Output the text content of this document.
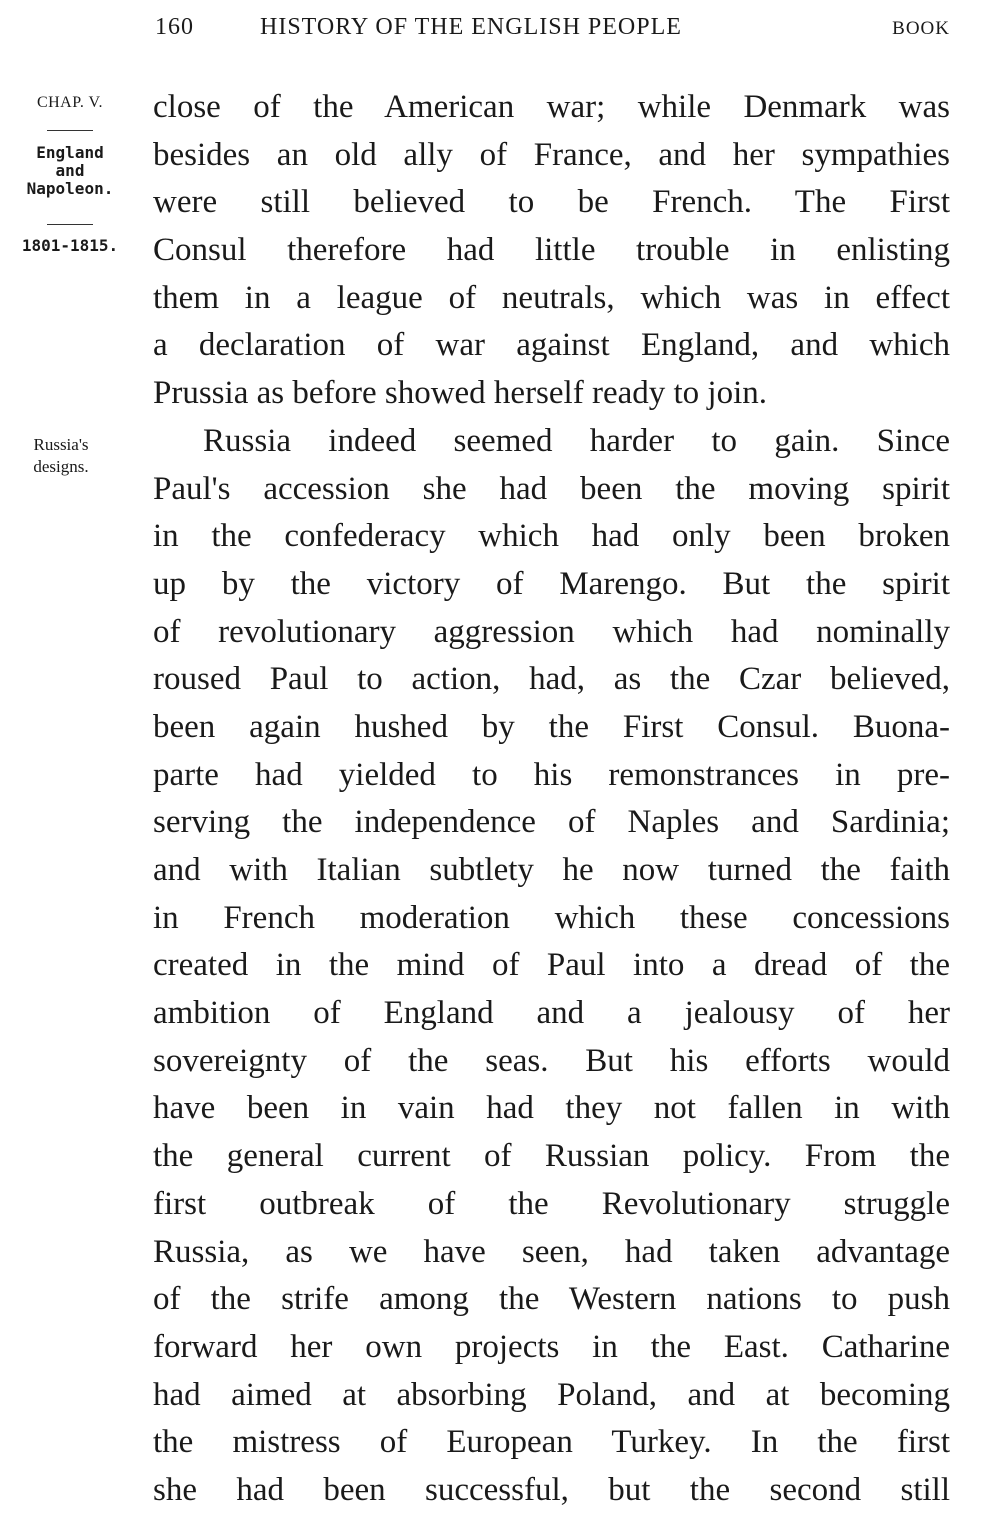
160	HISTORY OF THE ENGLISH PEOPLE	BOOK
CHAP. V.
England
and
Napoleon.
1801-1815.
Russia's
designs.
close of the American war; while Denmark was
besides an old ally of France, and her sympathies
were still believed to be French. The First
Consul therefore had little trouble in enlisting
them in a league of neutrals, which was in effect
a declaration of war against England, and which
Prussia as before showed herself ready to join.
Russia indeed seemed harder to gain. Since
Paul's accession she had been the moving spirit
in the confederacy which had only been broken
up by the victory of Marengo. But the spirit
of revolutionary aggression which had nominally
roused Paul to action, had, as the Czar believed,
been again hushed by the First Consul. Buona-
parte had yielded to his remonstrances in pre-
serving the independence of Naples and Sardinia;
and with Italian subtlety he now turned the faith
in French moderation which these concessions
created in the mind of Paul into a dread of the
ambition of England and a jealousy of her
sovereignty of the seas. But his efforts would
have been in vain had they not fallen in with
the general current of Russian policy. From the
first outbreak of the Revolutionary struggle
Russia, as we have seen, had taken advantage
of the strife among the Western nations to push
forward her own projects in the East. Catharine
had aimed at absorbing Poland, and at becoming
the mistress of European Turkey. In the first
she had been successful, but the second still
